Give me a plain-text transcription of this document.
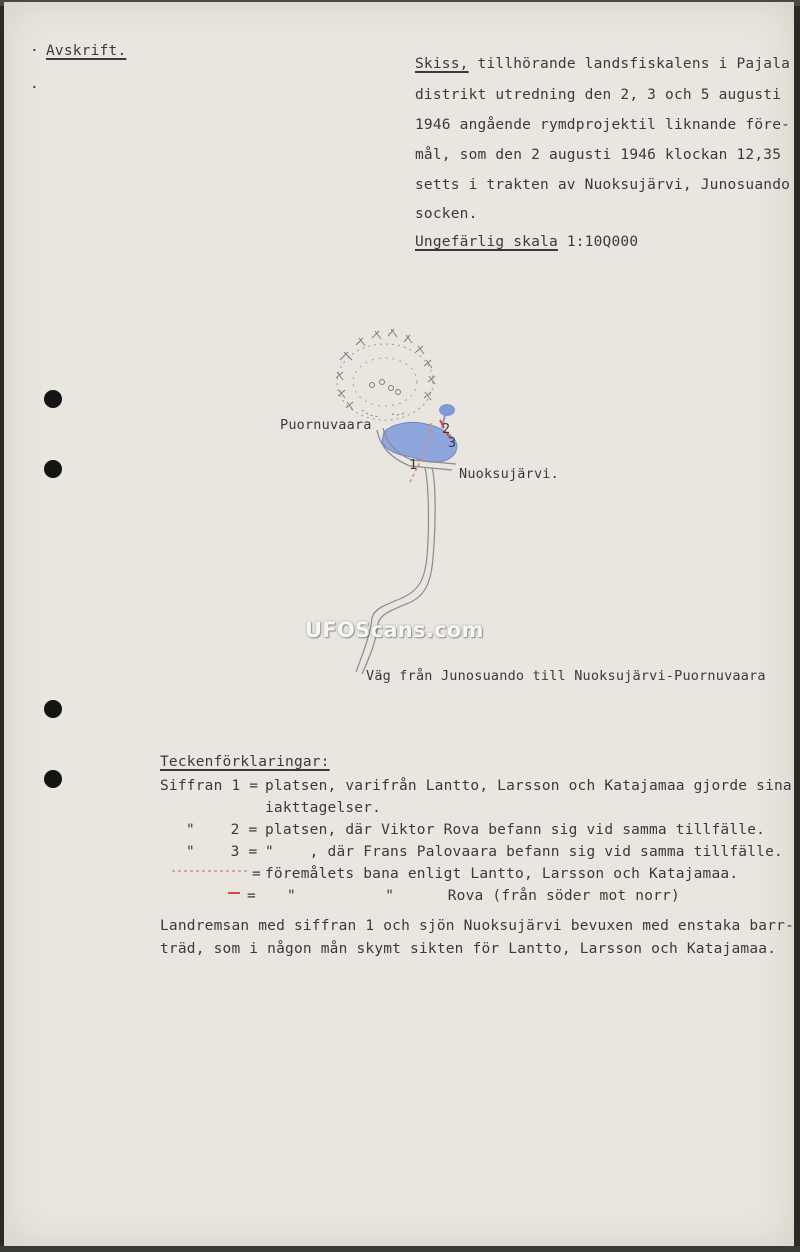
·
·
Avskrift.
Skiss, tillhörande landsfiskalens i Pajala
distrikt utredning den 2, 3 och 5 augusti
1946 angående rymdprojektil liknande före-
mål, som den 2 augusti 1946 klockan 12,35
setts i trakten av Nuoksujärvi, Junosuando
socken.
Ungefärlig skala 1:10Q000
Puornuvaara	2
3
1
Nuoksujärvi.
Väg från Junosuando till Nuoksujärvi-Puornuvaara
UFOScans.com
Teckenförklaringar:
Siffran 1 = platsen, varifrån Lantto, Larsson och Katajamaa gjorde sina
iakttagelser.
"    2 = platsen, där Viktor Rova befann sig vid samma tillfälle.
"    3 = "    , där Frans Palovaara befann sig vid samma tillfälle.
= föremålets bana enligt Lantto, Larsson och Katajamaa.
= "          "      Rova (från söder mot norr)
Landremsan med siffran 1 och sjön Nuoksujärvi bevuxen med enstaka barr-
träd, som i någon mån skymt sikten för Lantto, Larsson och Katajamaa.
